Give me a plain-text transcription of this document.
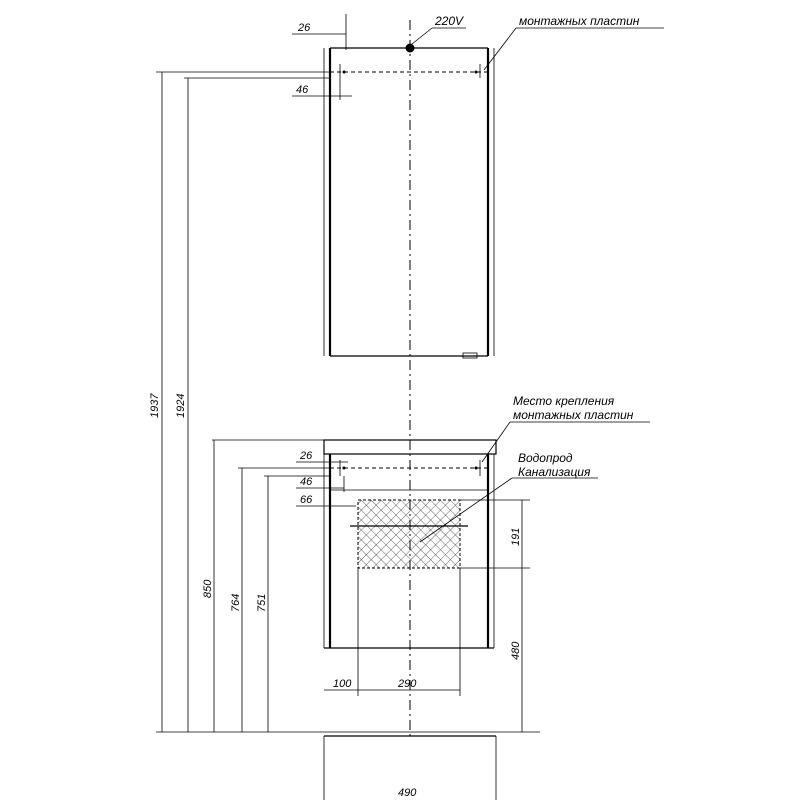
26	220V	монтажных пластин
46
Место крепления
монтажных пластин
Водопрод
Канализация
26
46
66
191
480
100	290
1937 1924
850
764 751
490
